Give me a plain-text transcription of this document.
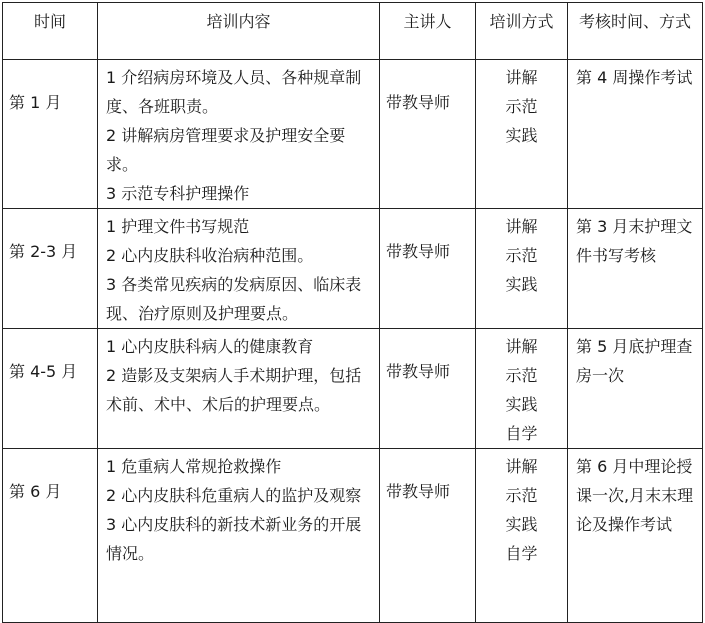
时间	培训内容	主讲人	培训方式	考核时间、方式

第 1 月	1 介绍病房环境及人员、各种规章制度、各班职责。
2 讲解病房管理要求及护理安全要求。
3 示范专科护理操作	带教导师	讲解
示范
实践	第 4 周操作考试

第 2-3 月	1 护理文件书写规范
2 心内皮肤科收治病种范围。
3 各类常见疾病的发病原因、临床表现、治疗原则及护理要点。	带教导师	讲解
示范
实践	第 3 月末护理文件书写考核

第 4-5 月	1 心内皮肤科病人的健康教育
2 造影及支架病人手术期护理，包括术前、术中、术后的护理要点。	带教导师	讲解
示范
实践
自学	第 5 月底护理查房一次

第 6 月	1 危重病人常规抢救操作
2 心内皮肤科危重病人的监护及观察
3 心内皮肤科的新技术新业务的开展情况。	带教导师	讲解
示范
实践
自学	第 6 月中理论授课一次,月末末理论及操作考试
